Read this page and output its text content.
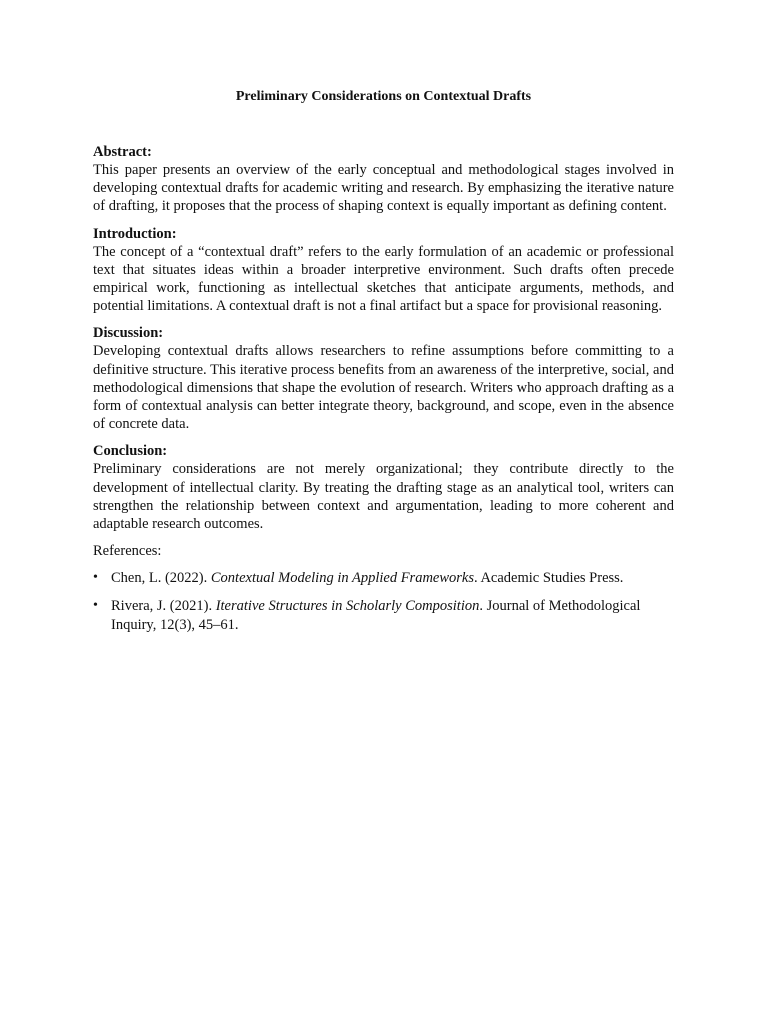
Preliminary Considerations on Contextual Drafts
Abstract:
This paper presents an overview of the early conceptual and methodological stages involved in developing contextual drafts for academic writing and research. By emphasizing the iterative nature of drafting, it proposes that the process of shaping context is equally important as defining content.
Introduction:
The concept of a “contextual draft” refers to the early formulation of an academic or professional text that situates ideas within a broader interpretive environment. Such drafts often precede empirical work, functioning as intellectual sketches that anticipate arguments, methods, and potential limitations. A contextual draft is not a final artifact but a space for provisional reasoning.
Discussion:
Developing contextual drafts allows researchers to refine assumptions before committing to a definitive structure. This iterative process benefits from an awareness of the interpretive, social, and methodological dimensions that shape the evolution of research. Writers who approach drafting as a form of contextual analysis can better integrate theory, background, and scope, even in the absence of concrete data.
Conclusion:
Preliminary considerations are not merely organizational; they contribute directly to the development of intellectual clarity. By treating the drafting stage as an analytical tool, writers can strengthen the relationship between context and argumentation, leading to more coherent and adaptable research outcomes.
References:
• Chen, L. (2022). Contextual Modeling in Applied Frameworks. Academic Studies Press.
• Rivera, J. (2021). Iterative Structures in Scholarly Composition. Journal of Methodological Inquiry, 12(3), 45–61.
